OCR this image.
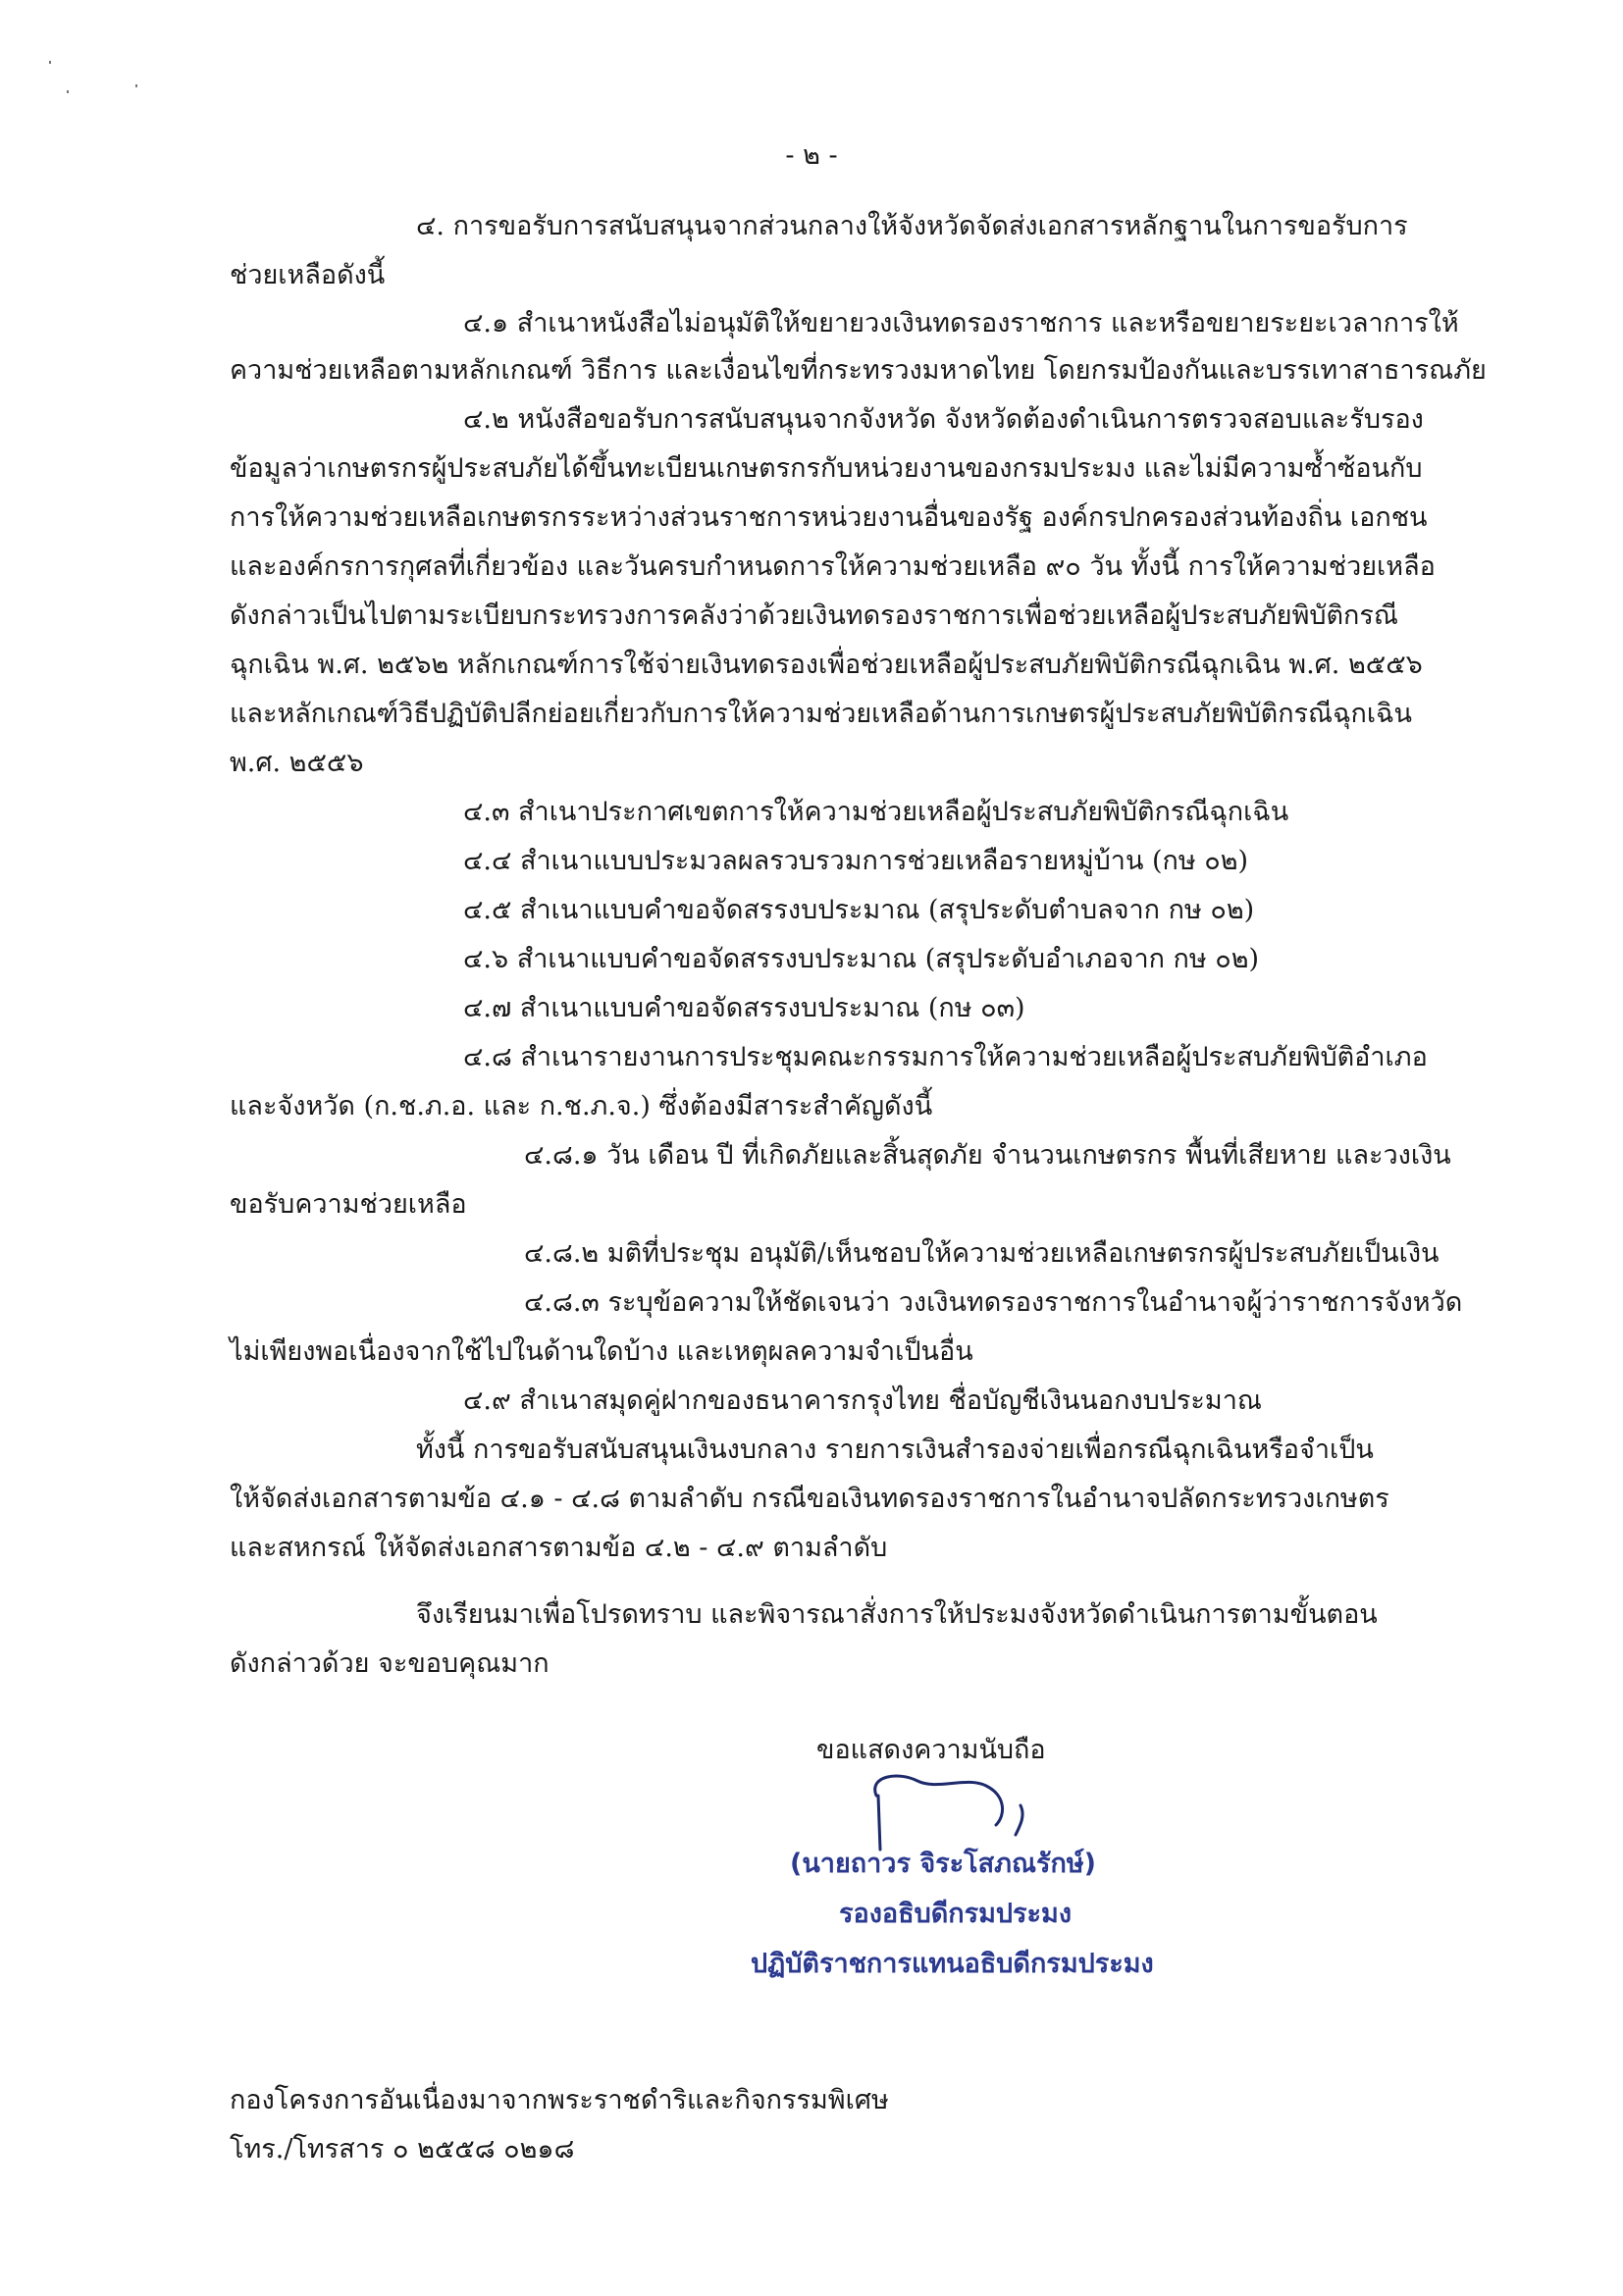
- ๒ -

๔. การขอรับการสนับสนุนจากส่วนกลางให้จังหวัดจัดส่งเอกสารหลักฐานในการขอรับการ

ช่วยเหลือดังนี้

๔.๑ สำเนาหนังสือไม่อนุมัติให้ขยายวงเงินทดรองราชการ และหรือขยายระยะเวลาการให้

ความช่วยเหลือตามหลักเกณฑ์ วิธีการ และเงื่อนไขที่กระทรวงมหาดไทย โดยกรมป้องกันและบรรเทาสาธารณภัย

๔.๒ หนังสือขอรับการสนับสนุนจากจังหวัด จังหวัดต้องดำเนินการตรวจสอบและรับรอง

ข้อมูลว่าเกษตรกรผู้ประสบภัยได้ขึ้นทะเบียนเกษตรกรกับหน่วยงานของกรมประมง และไม่มีความซ้ำซ้อนกับ

การให้ความช่วยเหลือเกษตรกรระหว่างส่วนราชการหน่วยงานอื่นของรัฐ องค์กรปกครองส่วนท้องถิ่น เอกชน

และองค์กรการกุศลที่เกี่ยวข้อง และวันครบกำหนดการให้ความช่วยเหลือ ๙๐ วัน ทั้งนี้ การให้ความช่วยเหลือ

ดังกล่าวเป็นไปตามระเบียบกระทรวงการคลังว่าด้วยเงินทดรองราชการเพื่อช่วยเหลือผู้ประสบภัยพิบัติกรณี

ฉุกเฉิน พ.ศ. ๒๕๖๒ หลักเกณฑ์การใช้จ่ายเงินทดรองเพื่อช่วยเหลือผู้ประสบภัยพิบัติกรณีฉุกเฉิน พ.ศ. ๒๕๕๖

และหลักเกณฑ์วิธีปฏิบัติปลีกย่อยเกี่ยวกับการให้ความช่วยเหลือด้านการเกษตรผู้ประสบภัยพิบัติกรณีฉุกเฉิน

พ.ศ. ๒๕๕๖

๔.๓ สำเนาประกาศเขตการให้ความช่วยเหลือผู้ประสบภัยพิบัติกรณีฉุกเฉิน

๔.๔ สำเนาแบบประมวลผลรวบรวมการช่วยเหลือรายหมู่บ้าน (กษ ๐๒)

๔.๕ สำเนาแบบคำขอจัดสรรงบประมาณ (สรุประดับตำบลจาก กษ ๐๒)

๔.๖ สำเนาแบบคำขอจัดสรรงบประมาณ (สรุประดับอำเภอจาก กษ ๐๒)

๔.๗ สำเนาแบบคำขอจัดสรรงบประมาณ (กษ ๐๓)

๔.๘ สำเนารายงานการประชุมคณะกรรมการให้ความช่วยเหลือผู้ประสบภัยพิบัติอำเภอ

และจังหวัด (ก.ช.ภ.อ. และ ก.ช.ภ.จ.) ซึ่งต้องมีสาระสำคัญดังนี้

๔.๘.๑ วัน เดือน ปี ที่เกิดภัยและสิ้นสุดภัย จำนวนเกษตรกร พื้นที่เสียหาย และวงเงิน

ขอรับความช่วยเหลือ

๔.๘.๒ มติที่ประชุม อนุมัติ/เห็นชอบให้ความช่วยเหลือเกษตรกรผู้ประสบภัยเป็นเงิน

๔.๘.๓ ระบุข้อความให้ชัดเจนว่า วงเงินทดรองราชการในอำนาจผู้ว่าราชการจังหวัด

ไม่เพียงพอเนื่องจากใช้ไปในด้านใดบ้าง และเหตุผลความจำเป็นอื่น

๔.๙ สำเนาสมุดคู่ฝากของธนาคารกรุงไทย ชื่อบัญชีเงินนอกงบประมาณ

ทั้งนี้ การขอรับสนับสนุนเงินงบกลาง รายการเงินสำรองจ่ายเพื่อกรณีฉุกเฉินหรือจำเป็น

ให้จัดส่งเอกสารตามข้อ ๔.๑ - ๔.๘ ตามลำดับ กรณีขอเงินทดรองราชการในอำนาจปลัดกระทรวงเกษตร

และสหกรณ์ ให้จัดส่งเอกสารตามข้อ ๔.๒ - ๔.๙ ตามลำดับ

จึงเรียนมาเพื่อโปรดทราบ และพิจารณาสั่งการให้ประมงจังหวัดดำเนินการตามขั้นตอน

ดังกล่าวด้วย จะขอบคุณมาก

ขอแสดงความนับถือ

(นายถาวร จิระโสภณรักษ์)
รองอธิบดีกรมประมง
ปฏิบัติราชการแทนอธิบดีกรมประมง

กองโครงการอันเนื่องมาจากพระราชดำริและกิจกรรมพิเศษ

โทร./โทรสาร ๐ ๒๕๕๘ ๐๒๑๘
